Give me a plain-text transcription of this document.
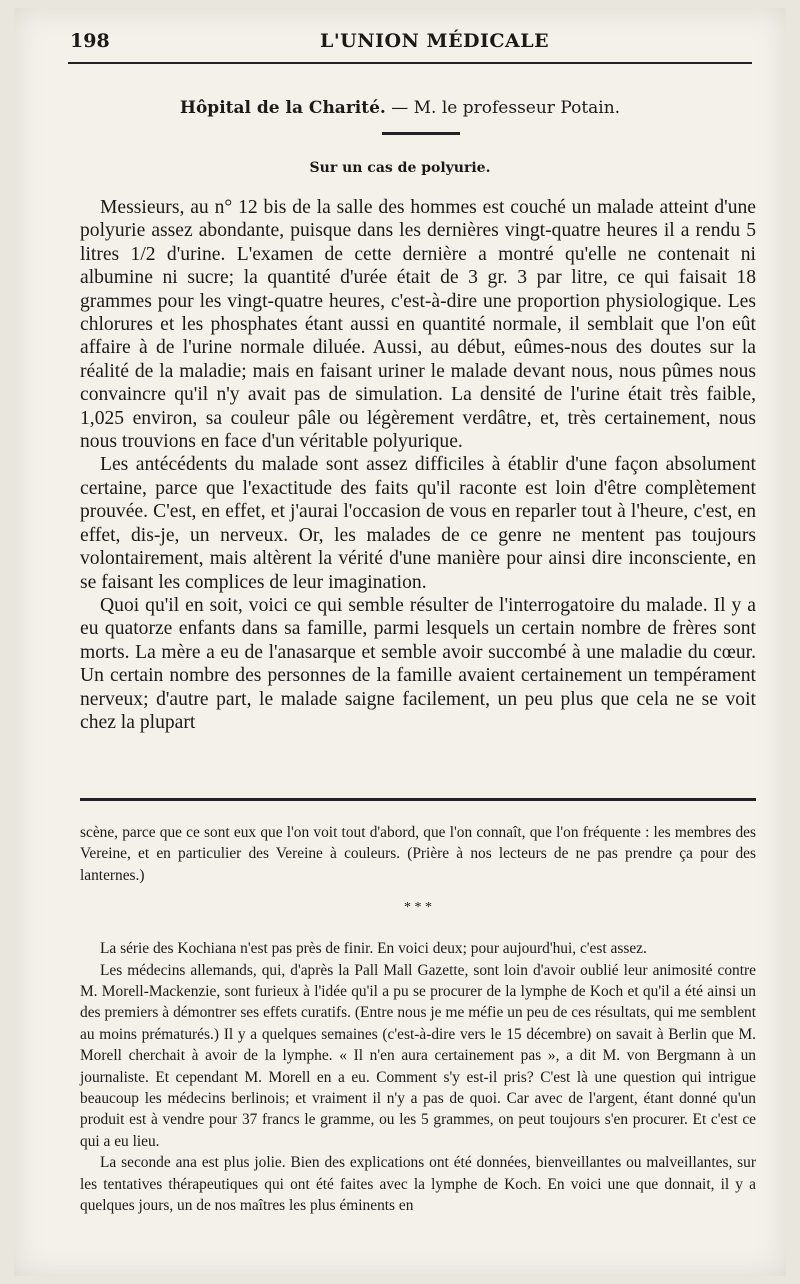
198	L'UNION MÉDICALE
Hôpital de la Charité. — M. le professeur Potain.
Sur un cas de polyurie.

Messieurs, au n° 12 bis de la salle des hommes est couché un malade atteint d'une polyurie assez abondante, puisque dans les dernières vingt-quatre heures il a rendu 5 litres 1/2 d'urine. L'examen de cette dernière a montré qu'elle ne contenait ni albumine ni sucre; la quantité d'urée était de 3 gr. 3 par litre, ce qui faisait 18 grammes pour les vingt-quatre heures, c'est-à-dire une proportion physiologique. Les chlorures et les phosphates étant aussi en quantité normale, il semblait que l'on eût affaire à de l'urine normale diluée. Aussi, au début, eûmes-nous des doutes sur la réalité de la maladie; mais en faisant uriner le malade devant nous, nous pûmes nous convaincre qu'il n'y avait pas de simulation. La densité de l'urine était très faible, 1,025 environ, sa couleur pâle ou légèrement verdâtre, et, très certainement, nous nous trouvions en face d'un véritable polyurique.

Les antécédents du malade sont assez difficiles à établir d'une façon absolument certaine, parce que l'exactitude des faits qu'il raconte est loin d'être complètement prouvée. C'est, en effet, et j'aurai l'occasion de vous en reparler tout à l'heure, c'est, en effet, dis-je, un nerveux. Or, les malades de ce genre ne mentent pas toujours volontairement, mais altèrent la vérité d'une manière pour ainsi dire inconsciente, en se faisant les complices de leur imagination.

Quoi qu'il en soit, voici ce qui semble résulter de l'interrogatoire du malade. Il y a eu quatorze enfants dans sa famille, parmi lesquels un certain nombre de frères sont morts. La mère a eu de l'anasarque et semble avoir succombé à une maladie du cœur. Un certain nombre des personnes de la famille avaient certainement un tempérament nerveux; d'autre part, le malade saigne facilement, un peu plus que cela ne se voit chez la plupart

scène, parce que ce sont eux que l'on voit tout d'abord, que l'on connaît, que l'on fréquente : les membres des Vereine, et en particulier des Vereine à couleurs. (Prière à nos lecteurs de ne pas prendre ça pour des lanternes.)

* * *

La série des Kochiana n'est pas près de finir. En voici deux; pour aujourd'hui, c'est assez.

Les médecins allemands, qui, d'après la Pall Mall Gazette, sont loin d'avoir oublié leur animosité contre M. Morell-Mackenzie, sont furieux à l'idée qu'il a pu se procurer de la lymphe de Koch et qu'il a été ainsi un des premiers à démontrer ses effets curatifs. (Entre nous je me méfie un peu de ces résultats, qui me semblent au moins prématurés.) Il y a quelques semaines (c'est-à-dire vers le 15 décembre) on savait à Berlin que M. Morell cherchait à avoir de la lymphe. « Il n'en aura certainement pas », a dit M. von Bergmann à un journaliste. Et cependant M. Morell en a eu. Comment s'y est-il pris? C'est là une question qui intrigue beaucoup les médecins berlinois; et vraiment il n'y a pas de quoi. Car avec de l'argent, étant donné qu'un produit est à vendre pour 37 francs le gramme, ou les 5 grammes, on peut toujours s'en procurer. Et c'est ce qui a eu lieu.

La seconde ana est plus jolie. Bien des explications ont été données, bienveillantes ou malveillantes, sur les tentatives thérapeutiques qui ont été faites avec la lymphe de Koch. En voici une que donnait, il y a quelques jours, un de nos maîtres les plus éminents en
